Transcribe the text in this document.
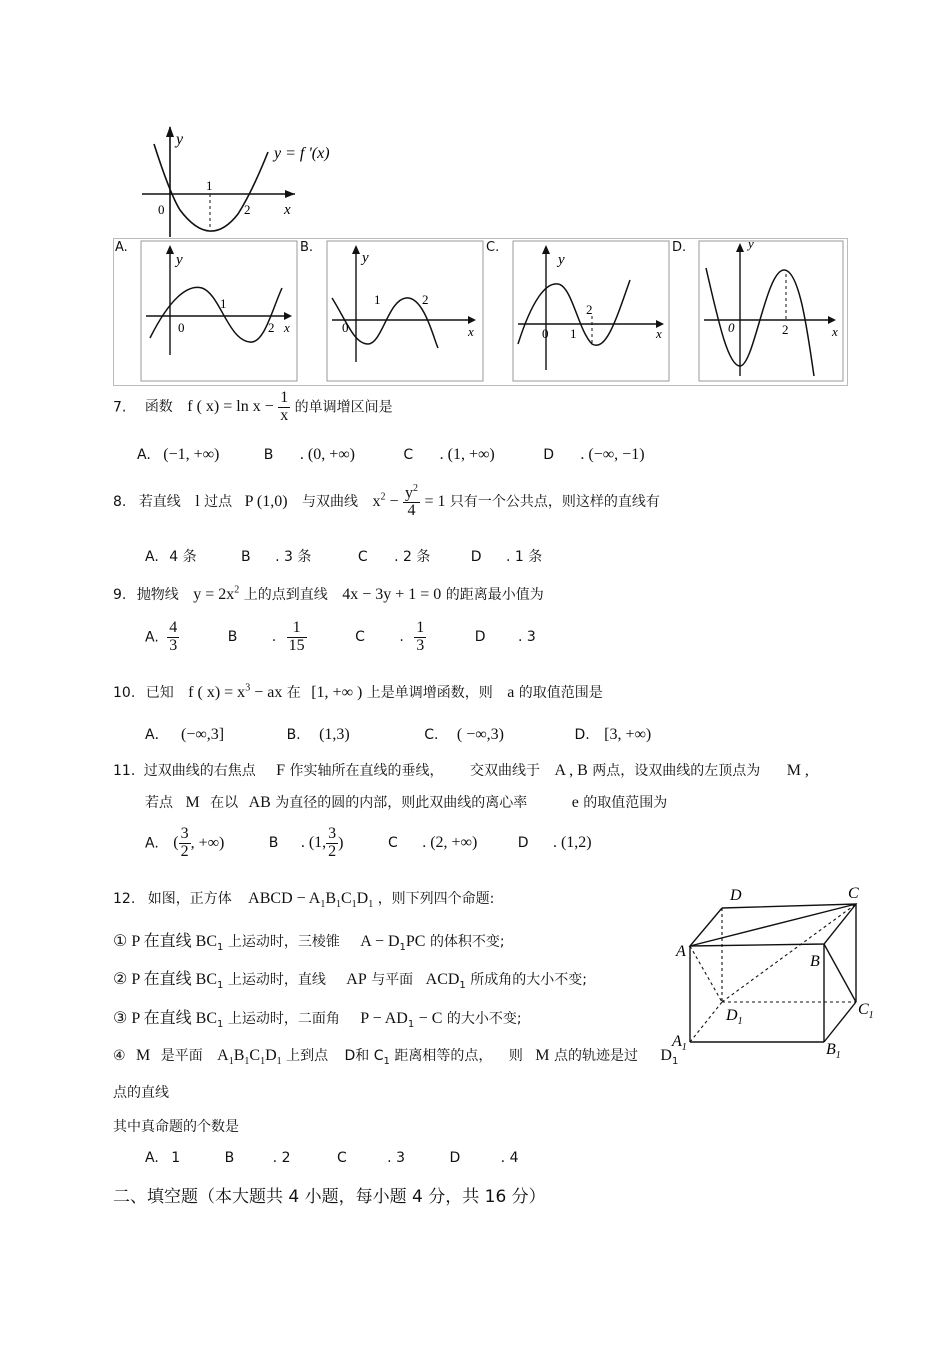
y
x
y = f '(x)
1
2
0
A.
y
x
0
1
2
B.
y
x
0
1	2
C.
y
x
0 1
2
D.	y
x
0	2
7. 函数 f ( $x) = \ln x - \frac{1}{x}$ 的单调增区间是
A. (−1, +∞)	B . (0, +∞)	C . (1, +∞)	D . (−∞, −1)
8. 若直线 l 过点 P (1,0) 与双曲线 $x^2 - \frac{y^2}{4} = 1$ 只有一个公共点，则这样的直线有
A. 4 条	B . 3 条	C . 2 条	D . 1 条
9. 抛物线 $y = 2x^2$ 上的点到直线 4x − 3y + 1 = 0 的距离最小值为
A. $\frac{4}{3}$	B . $\frac{1}{15}$	C . $\frac{1}{3}$	D . 3
10. 已知 f ( $x) = x^3$ − ax 在 [1, +∞ ) 上是单调增函数，则 a 的取值范围是
A． (−∞,3]	B. (1,3)	C. ( −∞,3)	D. [3, +∞)
11. 过双曲线的右焦点 F 作实轴所在直线的垂线， 交双曲线于 A , B 两点，设双曲线的左顶点为 M ,
若点 M 在以 AB 为直径的圆的内部，则此双曲线的离心率	e 的取值范围为
A. ( $\frac{3}{2}$ , +∞)	B . (1, $\frac{3}{2}$ )	C . (2, +∞)	D . (1,2)
12. 如图，正方体 ABCD − $A_1B_1C_1D_1$ ，则下列四个命题:
① P 在直线 $BC_1$ 上运动时，三棱锥 $A - D_1PC$ 的体积不变;
② P 在直线 $BC_1$ 上运动时，直线 AP 与平面 $ACD_1$ 所成角的大小不变;
③ P 在直线 $BC_1$ 上运动时，二面角 $P - AD_1 - C$ 的大小不变;
④ M 是平面 $A_1B_1C_1D_1$ 上到点 D和 $C_1$ 距离相等的点， 则 M 点的轨迹是过 $D_1$
点的直线
其中真命题的个数是
A. 1	B	. 2	C	. 3	D	. 4
D	C
A
B
$D_1$
$C_1$
$A_1$	$B_1$
二、填空题（本大题共 4 小题，每小题 4 分，共 16 分）
